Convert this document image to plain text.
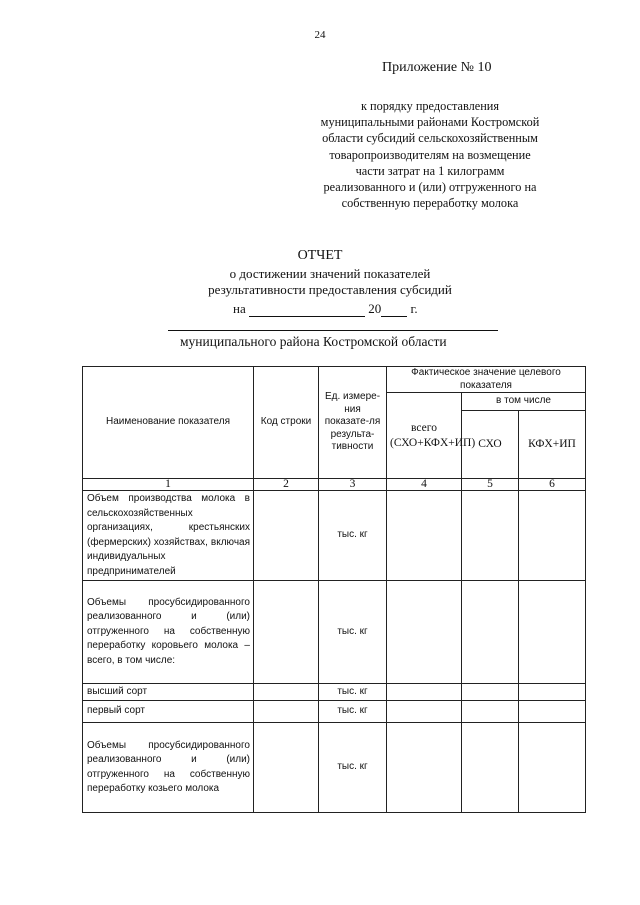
24
Приложение № 10
к порядку предоставления
муниципальными районами Костромской
области субсидий сельскохозяйственным
товаропроизводителям на возмещение
части затрат на 1 килограмм
реализованного и (или) отгруженного на
собственную переработку молока
ОТЧЕТ
о достижении значений показателей
результативности предоставления субсидий
на	20 г.
муниципального района Костромской области
Наименование показателя	Код строки	Ед. измере-ния показате-ля результа-тивности	Фактическое значение целевого показателя		
			всего (СХО+КФХ+ИП)	в том числе	
				СХО	КФХ+ИП
1	2	3	4	5	6
Объем производства молока в сельскохозяйственных организациях, крестьянских (фермерских) хозяйствах, включая индивидуальных предпринимателей		тыс. кг			
Объемы просубсидированного реализованного и (или) отгруженного на собственную переработку коровьего молока – всего, в том числе:		тыс. кг			
высший сорт		тыс. кг			
первый сорт		тыс. кг			
Объемы просубсидированного реализованного и (или) отгруженного на собственную переработку козьего молока		тыс. кг			
